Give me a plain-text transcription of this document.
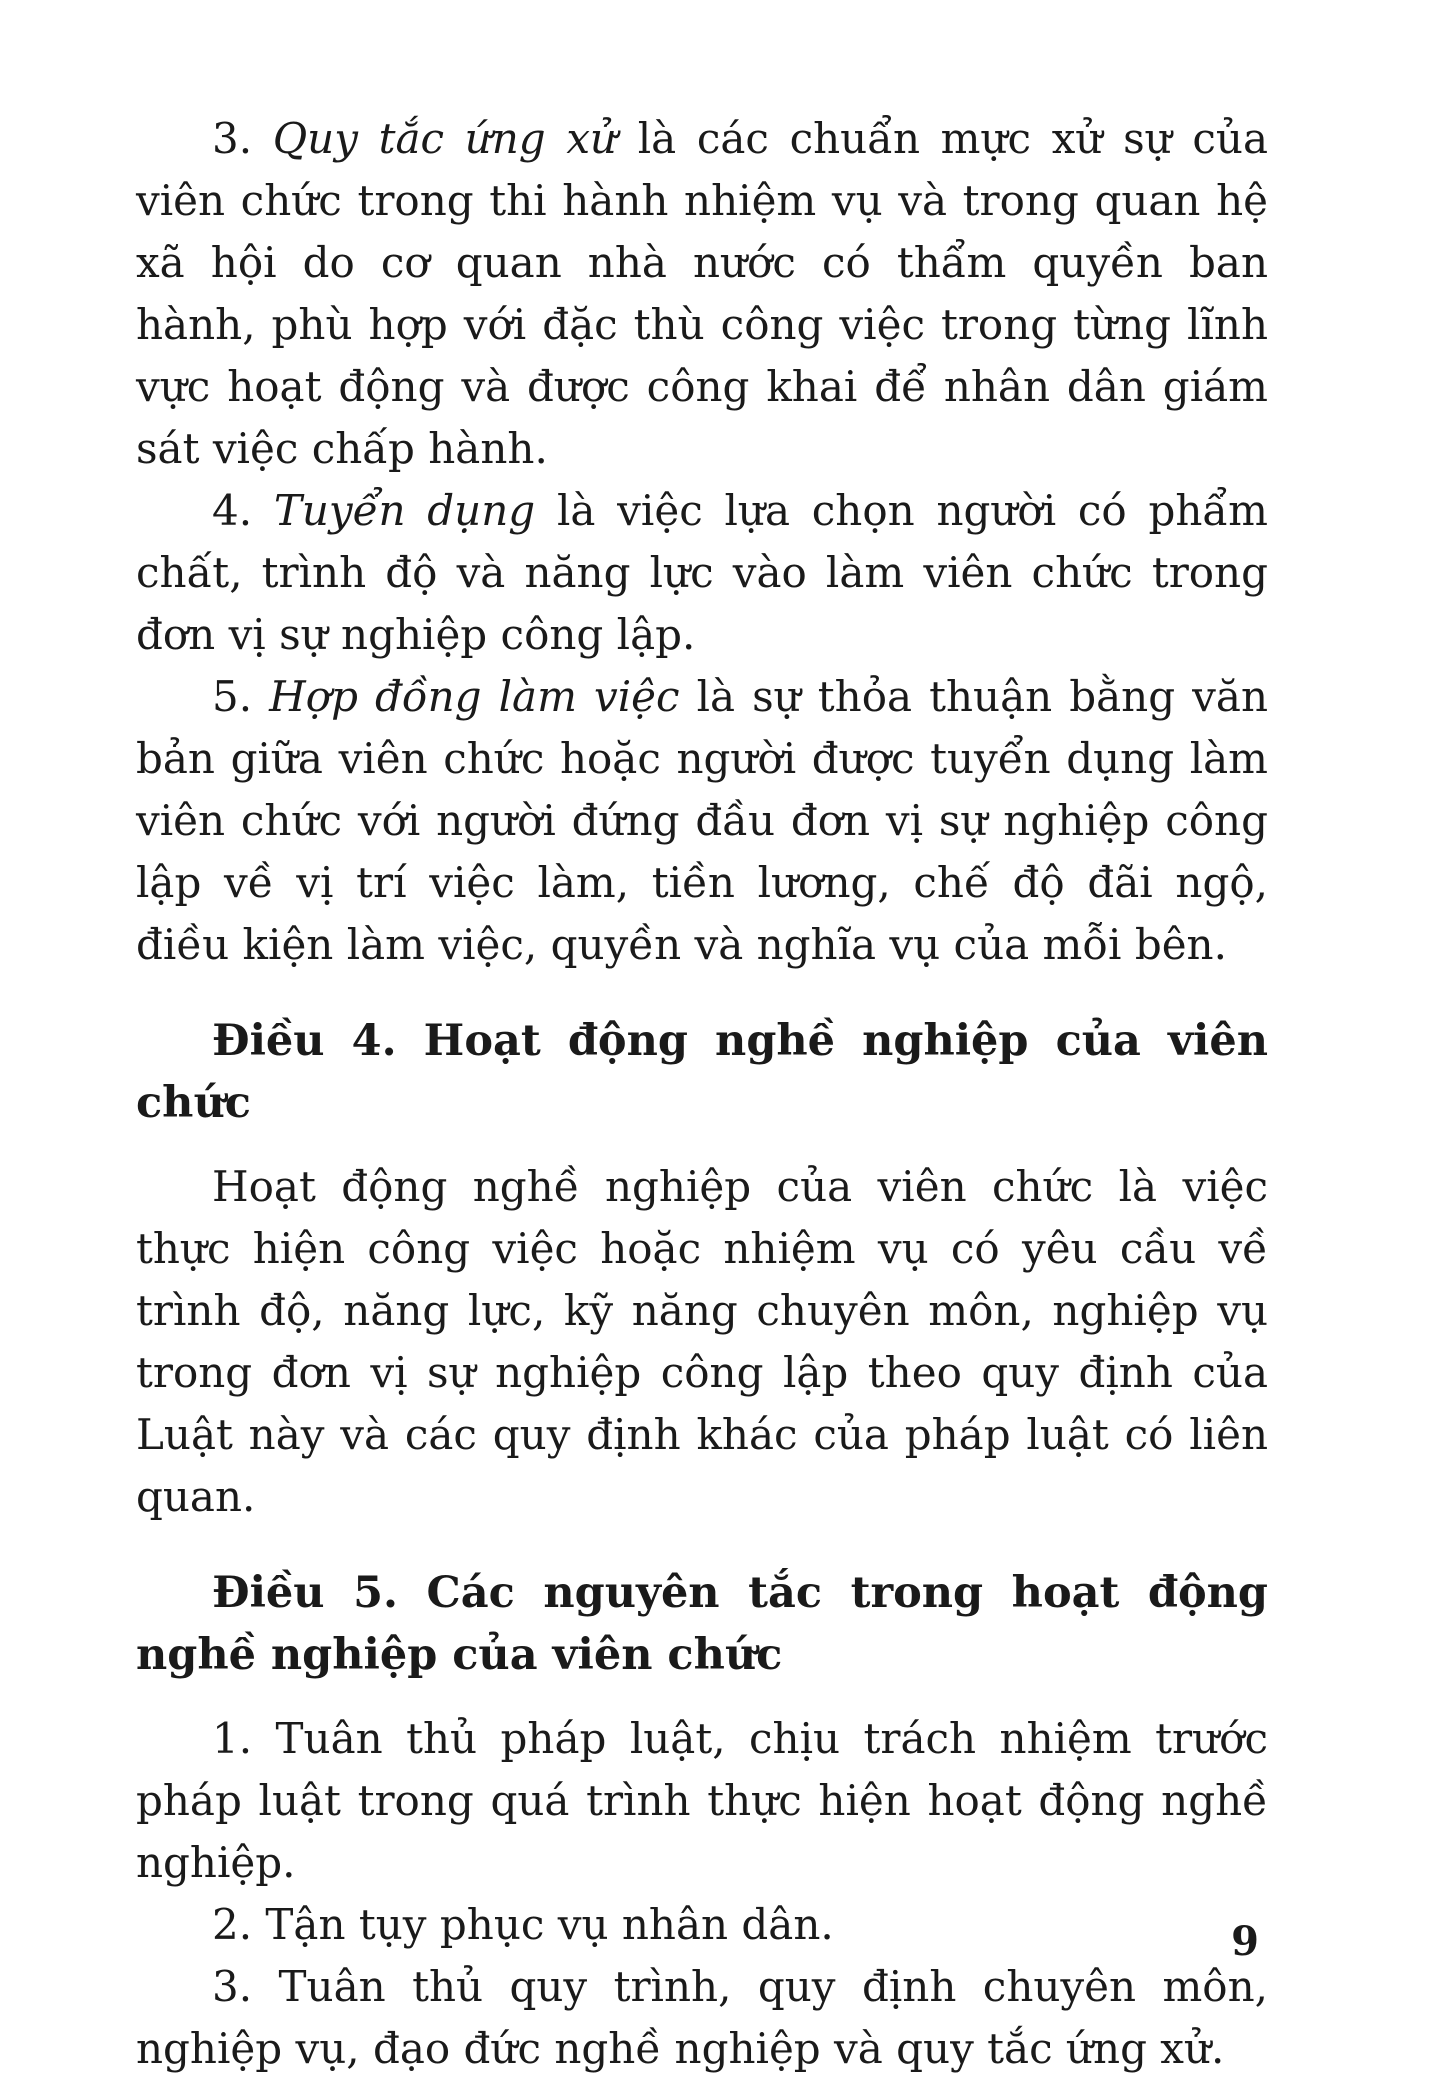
3. Quy tắc ứng xử là các chuẩn mực xử sự của viên chức trong thi hành nhiệm vụ và trong quan hệ xã hội do cơ quan nhà nước có thẩm quyền ban hành, phù hợp với đặc thù công việc trong từng lĩnh vực hoạt động và được công khai để nhân dân giám sát việc chấp hành.

4. Tuyển dụng là việc lựa chọn người có phẩm chất, trình độ và năng lực vào làm viên chức trong đơn vị sự nghiệp công lập.

5. Hợp đồng làm việc là sự thỏa thuận bằng văn bản giữa viên chức hoặc người được tuyển dụng làm viên chức với người đứng đầu đơn vị sự nghiệp công lập về vị trí việc làm, tiền lương, chế độ đãi ngộ, điều kiện làm việc, quyền và nghĩa vụ của mỗi bên.

Điều 4. Hoạt động nghề nghiệp của viên chức

Hoạt động nghề nghiệp của viên chức là việc thực hiện công việc hoặc nhiệm vụ có yêu cầu về trình độ, năng lực, kỹ năng chuyên môn, nghiệp vụ trong đơn vị sự nghiệp công lập theo quy định của Luật này và các quy định khác của pháp luật có liên quan.

Điều 5. Các nguyên tắc trong hoạt động nghề nghiệp của viên chức

1. Tuân thủ pháp luật, chịu trách nhiệm trước pháp luật trong quá trình thực hiện hoạt động nghề nghiệp.

2. Tận tụy phục vụ nhân dân.

3. Tuân thủ quy trình, quy định chuyên môn, nghiệp vụ, đạo đức nghề nghiệp và quy tắc ứng xử.

9
